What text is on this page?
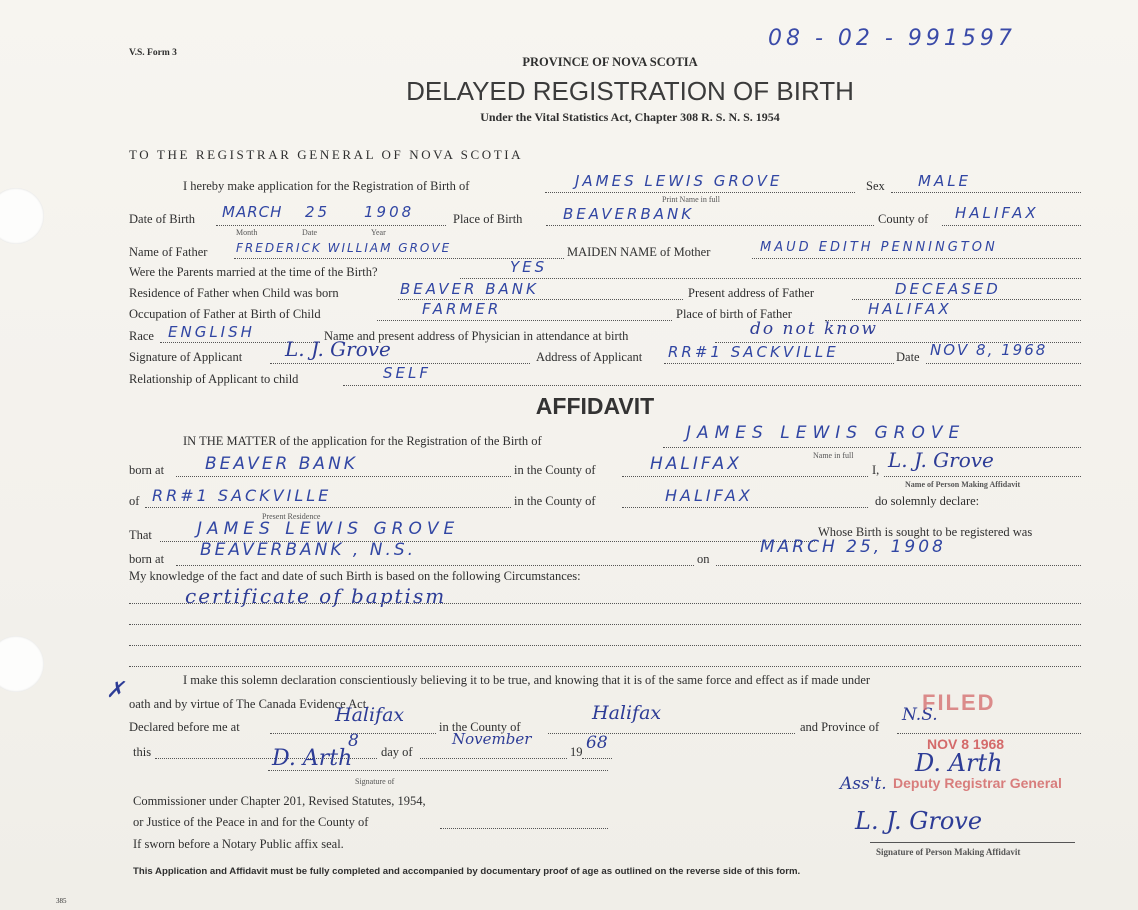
V.S. Form 3
08 - 02 - 991597
PROVINCE OF NOVA SCOTIA
DELAYED REGISTRATION OF BIRTH
Under the Vital Statistics Act, Chapter 308 R. S. N. S. 1954
TO THE REGISTRAR GENERAL OF NOVA SCOTIA
I hereby make application for the Registration of Birth of	JAMES LEWIS GROVE
Print Name in full
Sex MALE
Date of Birth MARCH 25 1908
Month	Date	Year
Place of Birth	BEAVERBANK	County of HALIFAX
Name of Father FREDERICK WILLIAM GROVE	MAIDEN NAME of Mother	MAUD EDITH PENNINGTON
Were the Parents married at the time of the Birth?	YES
Residence of Father when Child was born	BEAVER BANK	Present address of Father	DECEASED
Occupation of Father at Birth of Child	FARMER	Place of birth of Father	HALIFAX
Race ENGLISH	Name and present address of Physician in attendance at birth	do not know
Signature of Applicant L. J. Grove	Address of Applicant RR#1 SACKVILLE	Date NOV 8, 1968
Relationship of Applicant to child	SELF
AFFIDAVIT
IN THE MATTER of the application for the Registration of the Birth of	JAMES LEWIS GROVE
Name in full
born at BEAVER BANK	in the County of	HALIFAX	I, L. J. Grove
Name of Person Making Affidavit
of RR#1 SACKVILLE
Present Residence
in the County of	HALIFAX	do solemnly declare:
That	JAMES LEWIS GROVE	Whose Birth is sought to be registered was
born at BEAVERBANK , N.S.	on
MARCH 25, 1908
My knowledge of the fact and date of such Birth is based on the following Circumstances:
certificate of baptism
I make this solemn declaration conscientiously believing it to be true, and knowing that it is of the same force and effect as if made under
oath and by virtue of The Canada Evidence Act.
✗
Declared before me at
Halifax
in the County of
Halifax
and Province of
N.S.
this
8
day of
November
19 68
D. Arth
Signature of
Commissioner under Chapter 201, Revised Statutes, 1954,
or Justice of the Peace in and for the County of
If sworn before a Notary Public affix seal.
FILED
NOV 8 1968
D. Arth
Ass't. Deputy Registrar General
L. J. Grove
Signature of Person Making Affidavit
This Application and Affidavit must be fully completed and accompanied by documentary proof of age as outlined on the reverse side of this form.
385
